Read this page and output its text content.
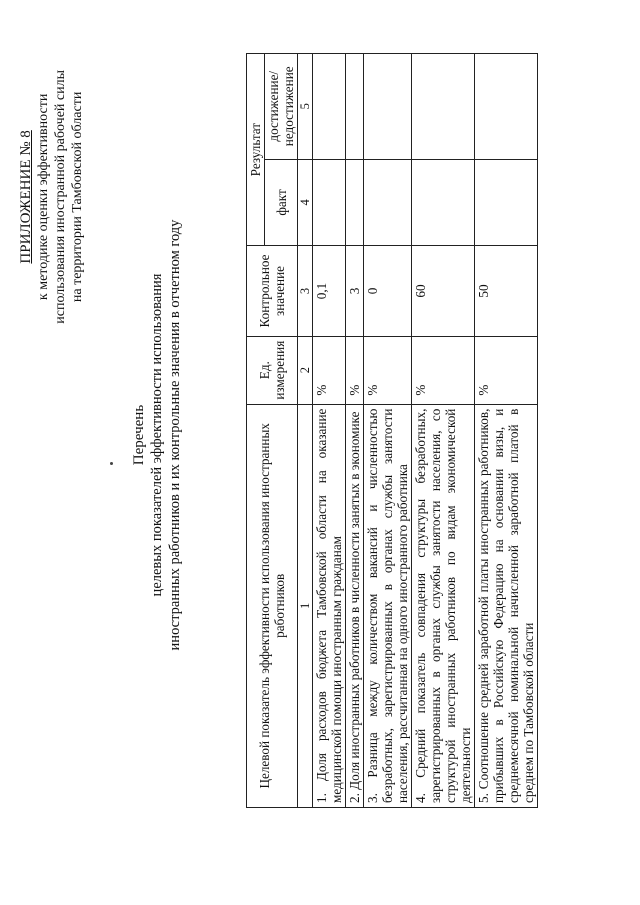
ПРИЛОЖЕНИЕ № 8 к методике оценки эффективности использования иностранной рабочей силы на территории Тамбовской области
Перечень целевых показателей эффективности использования иностранных работников и их контрольные значения в отчетном году	Целевой показатель эффективности использования иностранных работников	Ед. измерения	Контрольное значение	Результат	
			факт	достижение/ недостижение
1	2	3	4	5
1. Доля расходов бюджета Тамбовской области на оказание медицинской помощи иностранным гражданам	%	0,1		
2. Доля иностранных работников в численности занятых в экономике	%	3		
3. Разница между количеством вакансий и численностью безработных, зарегистрированных в органах службы занятости населения, рассчитанная на одного иностранного работника	%	0		
4. Средний показатель совпадения структуры безработных, зарегистрированных в органах службы занятости населения, со структурой иностранных работников по видам экономической деятельности	%	60		
5. Соотношение средней заработной платы иностранных работников, прибывших в Российскую Федерацию на основании визы, и среднемесячной номинальной начисленной заработной платой в среднем по Тамбовской области	%	50		
